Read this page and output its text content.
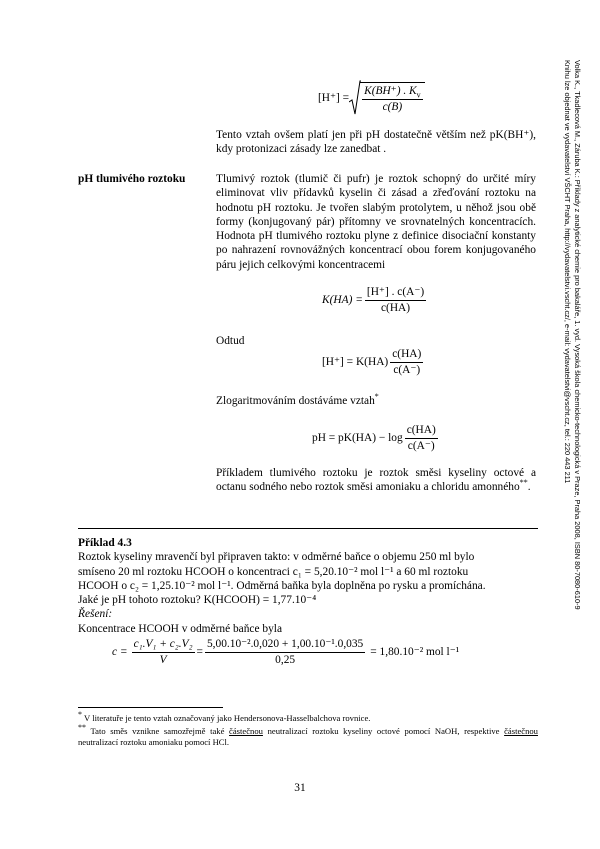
Volka K., Tkadlecová M., Záruba K.: Příklady z analytické chemie pro bakaláře, 1. vyd. Vysoká škola chemicko-technologická v Praze, Praha 2008, ISBN 80-7080-610-9
Knihu lze objednat ve vydavatelství VŠCHT Praha, http://vydavatelstvi.vscht.cz/, e-mail: vydavatelstvi@vscht.cz, tel.: 220 443 211
$[H^+] = \frac{K(BH^+) . K_v}{c(B)}$
Tento vztah ovšem platí jen při pH dostatečně větším než pK(BH⁺), kdy protonizaci zásady lze zanedbat .
pH tlumivého roztoku	Tlumivý roztok (tlumič či pufr) je roztok schopný do určité míry eliminovat vliv přídavků kyselin či zásad a zřeďování roztoku na hodnotu pH roztoku. Je tvořen slabým protolytem, u něhož jsou obě formy (konjugovaný pár) přítomny ve srovnatelných koncentracích. Hodnota pH tlumivého roztoku plyne z definice disociační konstanty po nahrazení rovnovážných koncentrací obou forem konjugovaného páru jejich celkovými koncentracemi
$K(HA) = \frac{[H^+] . c(A^-)}{c(HA)}$
Odtud
$[H^+] = K(HA) \frac{c(HA)}{c(A^-)}$
Zlogaritmováním dostáváme vztah*
pH = $pK(HA) - \log \frac{c(HA)}{c(A^-)}$
Příkladem tlumivého roztoku je roztok směsi kyseliny octové a octanu sodného nebo roztok směsi amoniaku a chloridu amonného**.
Příklad 4.3
Roztok kyseliny mravenčí byl připraven takto: v odměrné baňce o objemu 250 ml bylo
smíseno 20 ml roztoku HCOOH o koncentraci c₁ = 5,20.10⁻² mol l⁻¹ a 60 ml roztoku
HCOOH o c₂ = 1,25.10⁻² mol l⁻¹. Odměrná baňka byla doplněna po rysku a promíchána.
Jaké je pH tohoto roztoku? K(HCOOH) = 1,77.10⁻⁴
Řešení:
Koncentrace HCOOH v odměrné baňce byla
$c = \frac{\text{c₁.V₁ + c₂.V₂}}{V} = \frac{\text{5,00.10⁻².0,020 + 1,00.10⁻¹.0,035}}{0,25} = 1,80.10^{-2}$ mol l⁻¹
* V literatuře je tento vztah označovaný jako Hendersonova-Hasselbalchova rovnice.
** Tato směs vznikne samozřejmě také částečnou neutralizací roztoku kyseliny octové pomocí NaOH, respektive částečnou neutralizací roztoku amoniaku pomocí HCl.
31
